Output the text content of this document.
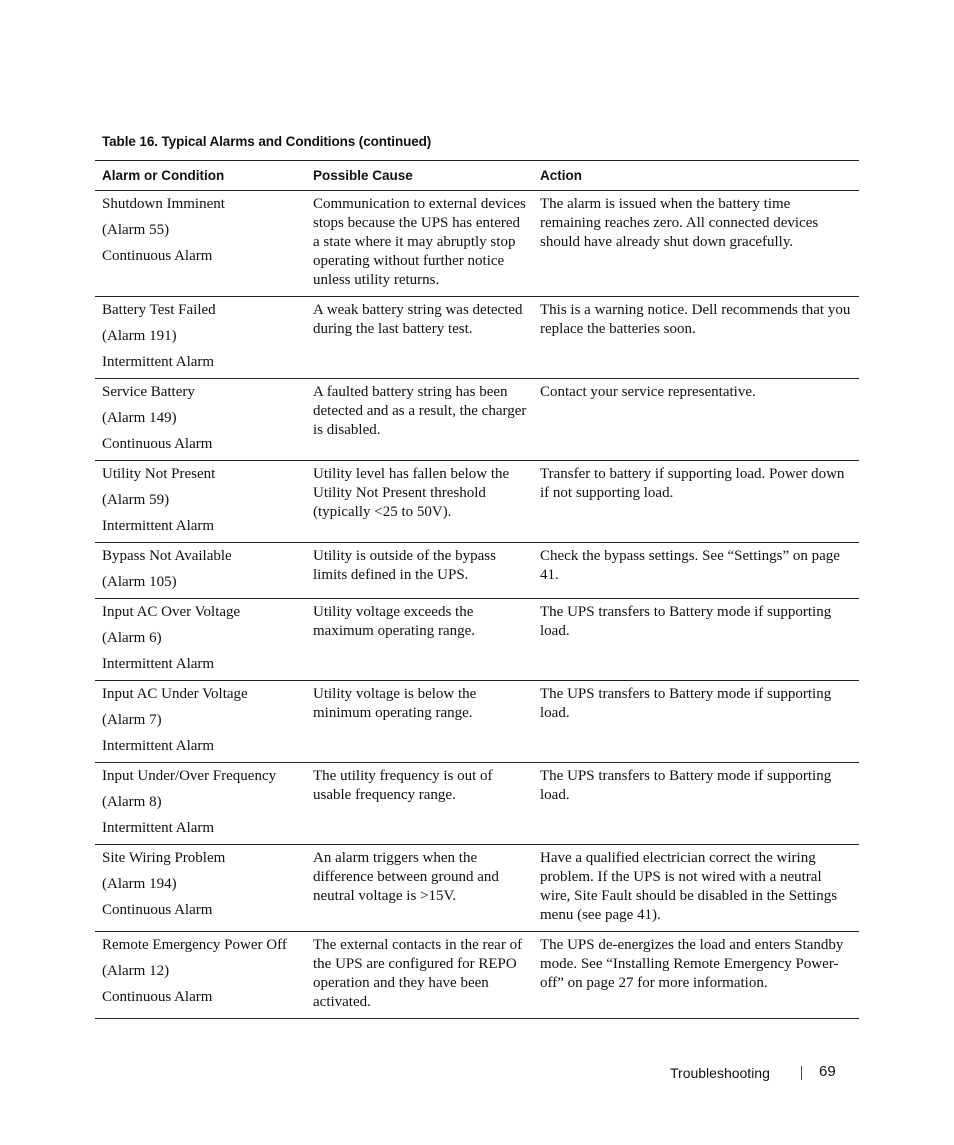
Table 16. Typical Alarms and Conditions (continued)
Alarm or Condition	Possible Cause	Action

Shutdown Imminent
(Alarm 55)
Continuous Alarm	Communication to external devices stops because the UPS has entered a state where it may abruptly stop operating without further notice unless utility returns.	The alarm is issued when the battery time remaining reaches zero. All connected devices should have already shut down gracefully.

Battery Test Failed
(Alarm 191)
Intermittent Alarm	A weak battery string was detected during the last battery test.	This is a warning notice. Dell recommends that you replace the batteries soon.

Service Battery
(Alarm 149)
Continuous Alarm	A faulted battery string has been detected and as a result, the charger is disabled.	Contact your service representative.

Utility Not Present
(Alarm 59)
Intermittent Alarm	Utility level has fallen below the Utility Not Present threshold (typically <25 to 50V).	Transfer to battery if supporting load. Power down if not supporting load.

Bypass Not Available
(Alarm 105)	Utility is outside of the bypass limits defined in the UPS.	Check the bypass settings. See “Settings” on page 41.

Input AC Over Voltage
(Alarm 6)
Intermittent Alarm	Utility voltage exceeds the maximum operating range.	The UPS transfers to Battery mode if supporting load.

Input AC Under Voltage
(Alarm 7)
Intermittent Alarm	Utility voltage is below the minimum operating range.	The UPS transfers to Battery mode if supporting load.

Input Under/Over Frequency
(Alarm 8)
Intermittent Alarm	The utility frequency is out of usable frequency range.	The UPS transfers to Battery mode if supporting load.

Site Wiring Problem
(Alarm 194)
Continuous Alarm	An alarm triggers when the difference between ground and neutral voltage is >15V.	Have a qualified electrician correct the wiring problem. If the UPS is not wired with a neutral wire, Site Fault should be disabled in the Settings menu (see page 41).

Remote Emergency Power Off
(Alarm 12)
Continuous Alarm	The external contacts in the rear of the UPS are configured for REPO operation and they have been activated.	The UPS de-energizes the load and enters Standby mode. See “Installing Remote Emergency Power-off” on page 27 for more information.
Troubleshooting	69
